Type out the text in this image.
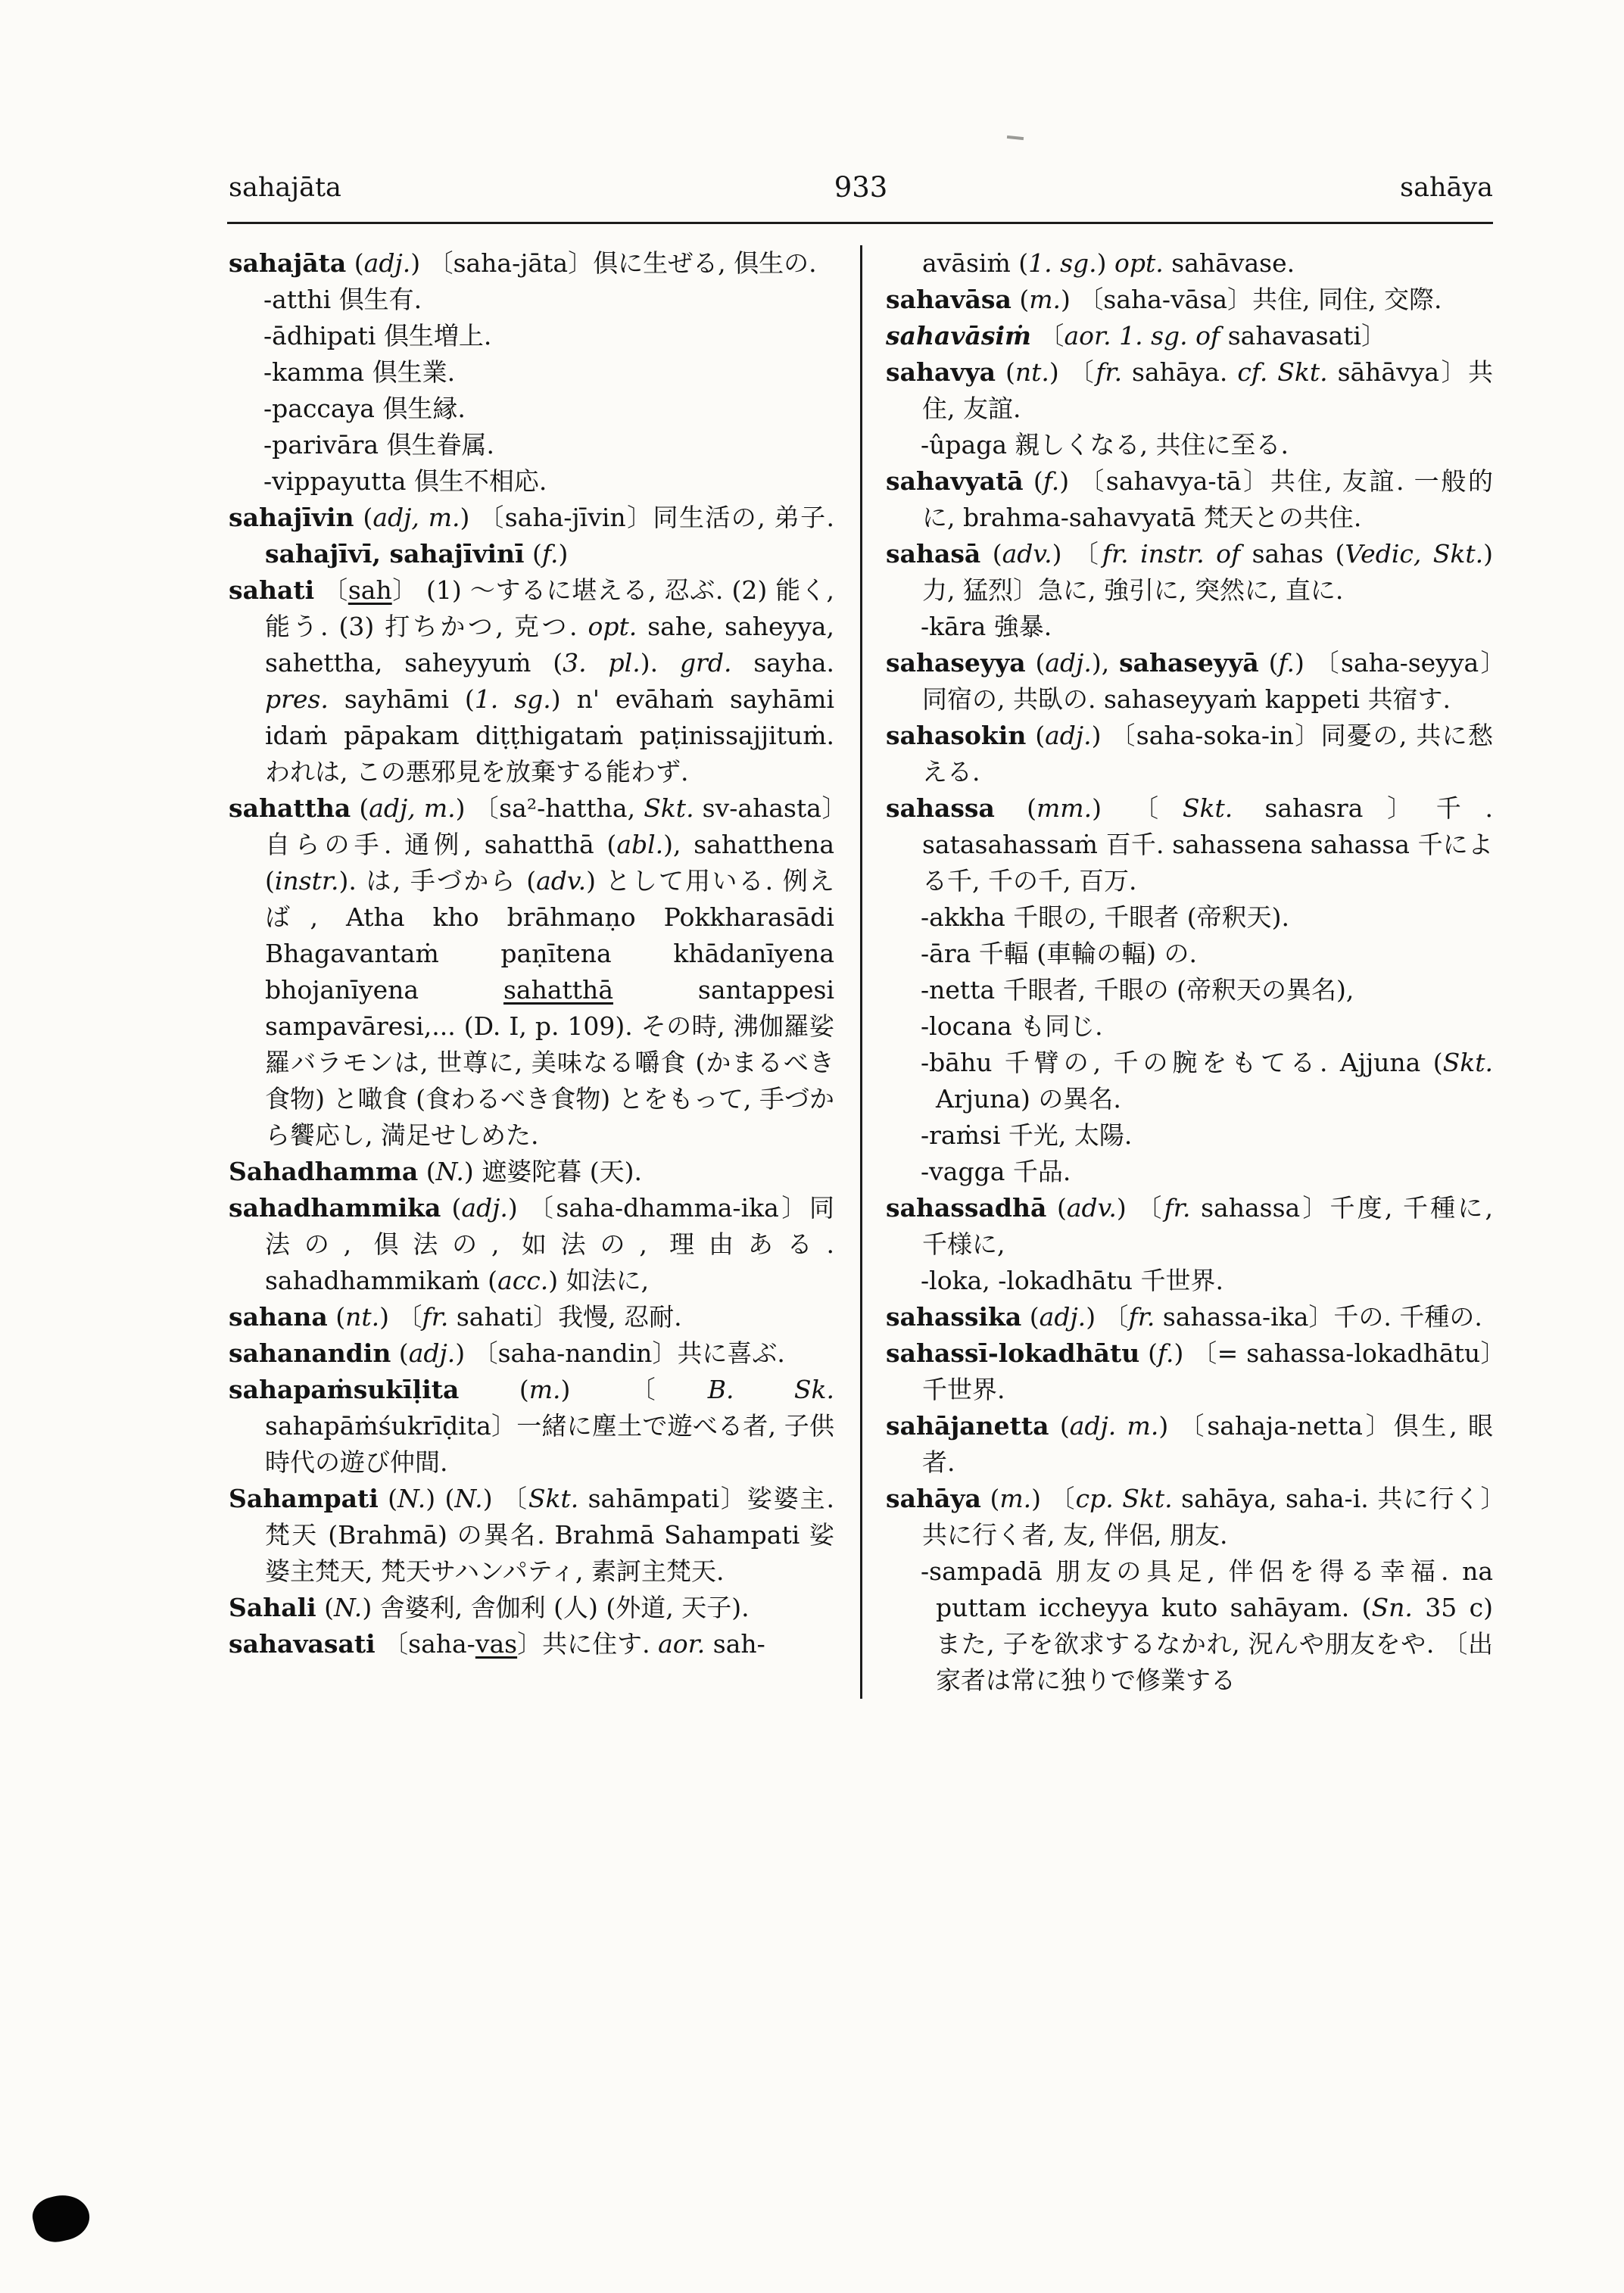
sahajāta	933	sahāya

sahajāta (adj.) 〔saha-jāta〕倶に生ぜる, 倶生の.

-atthi 倶生有.

-ādhipati 倶生増上.

-kamma 倶生業.

-paccaya 倶生縁.

-parivāra 倶生眷属.

-vippayutta 倶生不相応.

sahajīvin (adj, m.) 〔saha-jīvin〕同生活の, 弟子. sahajīvī, sahajīvinī (f.)

sahati 〔sah〕 (1) ～するに堪える, 忍ぶ. (2) 能く, 能う. (3) 打ちかつ, 克つ. opt. sahe, saheyya, sahettha, saheyyuṁ (3. pl.). grd. sayha. pres. sayhāmi (1. sg.) n' evāhaṁ sayhāmi idaṁ pāpakam diṭṭhigataṁ paṭinissajjituṁ. われは, この悪邪見を放棄する能わず.

sahattha (adj, m.) 〔sa²-hattha, Skt. sv-ahasta〕自らの手. 通例, sahatthā (abl.), sahatthena (instr.). は, 手づから (adv.) として用いる. 例えば, Atha kho brāhmaṇo Pokkharasādi Bhagavantaṁ paṇītena khādanīyena bhojanīyena sahatthā santappesi sampavāresi,... (D. I, p. 109). その時, 沸伽羅娑羅バラモンは, 世尊に, 美味なる嚼食 (かまるべき食物) と噉食 (食わるべき食物) とをもって, 手づから饗応し, 満足せしめた.

Sahadhamma (N.) 遮婆陀暮 (天).

sahadhammika (adj.) 〔saha-dhamma-ika〕同法の, 倶法の, 如法の, 理由ある. sahadhammikaṁ (acc.) 如法に,

sahana (nt.) 〔fr. sahati〕我慢, 忍耐.

sahanandin (adj.) 〔saha-nandin〕共に喜ぶ.

sahapaṁsukīḷita (m.) 〔B. Sk. sahapāṁśukrīḍita〕一緒に塵土で遊べる者, 子供時代の遊び仲間.

Sahampati (N.) (N.) 〔Skt. sahāmpati〕娑婆主. 梵天 (Brahmā) の異名. Brahmā Sahampati 娑婆主梵天, 梵天サハンパティ, 素訶主梵天.

Sahali (N.) 舎婆利, 舎伽利 (人) (外道, 天子).

sahavasati 〔saha-vas〕共に住す. aor. sah-

avāsiṁ (1. sg.) opt. sahāvase.

sahavāsa (m.) 〔saha-vāsa〕共住, 同住, 交際.

sahavāsiṁ 〔aor. 1. sg. of sahavasati〕

sahavya (nt.) 〔fr. sahāya. cf. Skt. sāhāvya〕共住, 友誼.

-ûpaga 親しくなる, 共住に至る.

sahavyatā (f.) 〔sahavya-tā〕共住, 友誼. 一般的に, brahma-sahavyatā 梵天との共住.

sahasā (adv.) 〔fr. instr. of sahas (Vedic, Skt.) 力, 猛烈〕急に, 強引に, 突然に, 直に.

-kāra 強暴.

sahaseyya (adj.), sahaseyyā (f.) 〔saha-seyya〕同宿の, 共臥の. sahaseyyaṁ kappeti 共宿す.

sahasokin (adj.) 〔saha-soka-in〕同憂の, 共に愁える.

sahassa (mm.) 〔Skt. sahasra〕千. satasahassaṁ 百千. sahassena sahassa 千による千, 千の千, 百万.

-akkha 千眼の, 千眼者 (帝釈天).

-āra 千輻 (車輪の輻) の.

-netta 千眼者, 千眼の (帝釈天の異名),

-locana も同じ.

-bāhu 千臂の, 千の腕をもてる. Ajjuna (Skt. Arjuna) の異名.

-raṁsi 千光, 太陽.

-vagga 千品.

sahassadhā (adv.) 〔fr. sahassa〕千度, 千種に, 千様に,

-loka, -lokadhātu 千世界.

sahassika (adj.) 〔fr. sahassa-ika〕千の. 千種の.

sahassī-lokadhātu (f.) 〔= sahassa-lokadhātu〕千世界.

sahājanetta (adj. m.) 〔sahaja-netta〕倶生, 眼者.

sahāya (m.) 〔cp. Skt. sahāya, saha-i. 共に行く〕共に行く者, 友, 伴侶, 朋友.

-sampadā 朋友の具足, 伴侶を得る幸福. na puttam iccheyya kuto sahāyam. (Sn. 35 c) また, 子を欲求するなかれ, 況んや朋友をや. 〔出家者は常に独りで修業する
